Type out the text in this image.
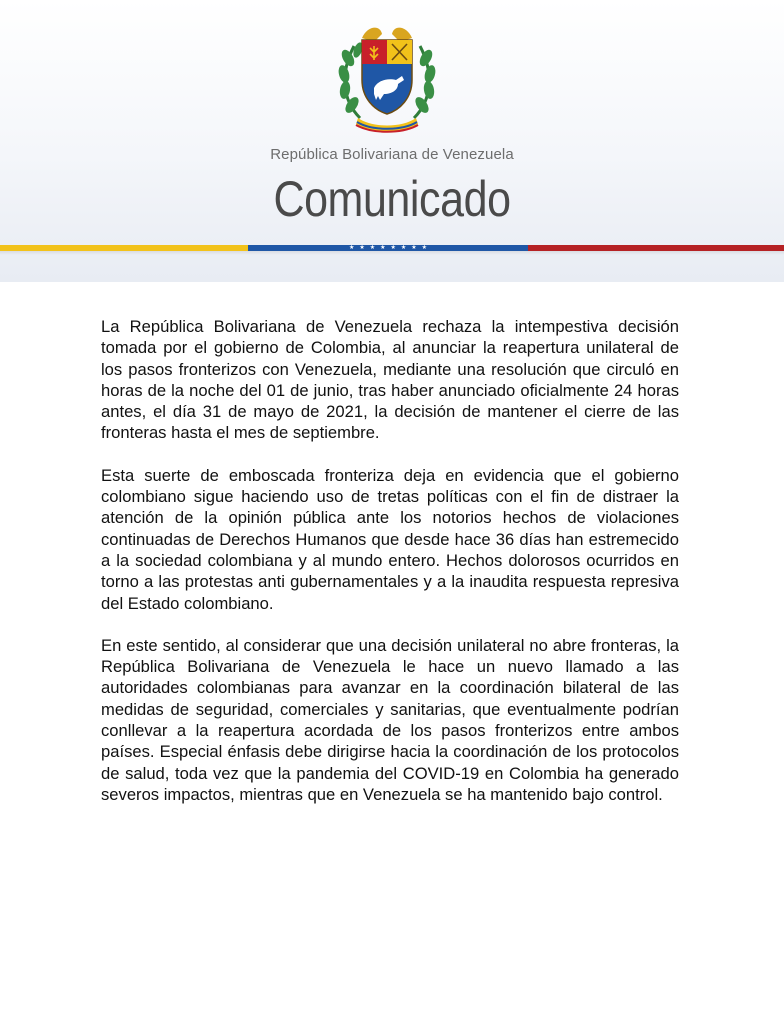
República Bolivariana de Venezuela
Comunicado
★ ★ ★ ★ ★ ★ ★ ★

La República Bolivariana de Venezuela rechaza la intempestiva decisión tomada por el gobierno de Colombia, al anunciar la reapertura unilateral de los pasos fronterizos con Venezuela, mediante una resolución que circuló en horas de la noche del 01 de junio, tras haber anunciado oficialmente 24 horas antes, el día 31 de mayo de 2021, la decisión de mantener el cierre de las fronteras hasta el mes de septiembre.

Esta suerte de emboscada fronteriza deja en evidencia que el gobierno colombiano sigue haciendo uso de tretas políticas con el fin de distraer la atención de la opinión pública ante los notorios hechos de violaciones continuadas de Derechos Humanos que desde hace 36 días han estremecido a la sociedad colombiana y al mundo entero. Hechos dolorosos ocurridos en torno a las protestas anti gubernamentales y a la inaudita respuesta represiva del Estado colombiano.

En este sentido, al considerar que una decisión unilateral no abre fronteras, la República Bolivariana de Venezuela le hace un nuevo llamado a las autoridades colombianas para avanzar en la coordinación bilateral de las medidas de seguridad, comerciales y sanitarias, que eventualmente podrían conllevar a la reapertura acordada de los pasos fronterizos entre ambos países. Especial énfasis debe dirigirse hacia la coordinación de los protocolos de salud, toda vez que la pandemia del COVID-19 en Colombia ha generado severos impactos, mientras que en Venezuela se ha mantenido bajo control.
